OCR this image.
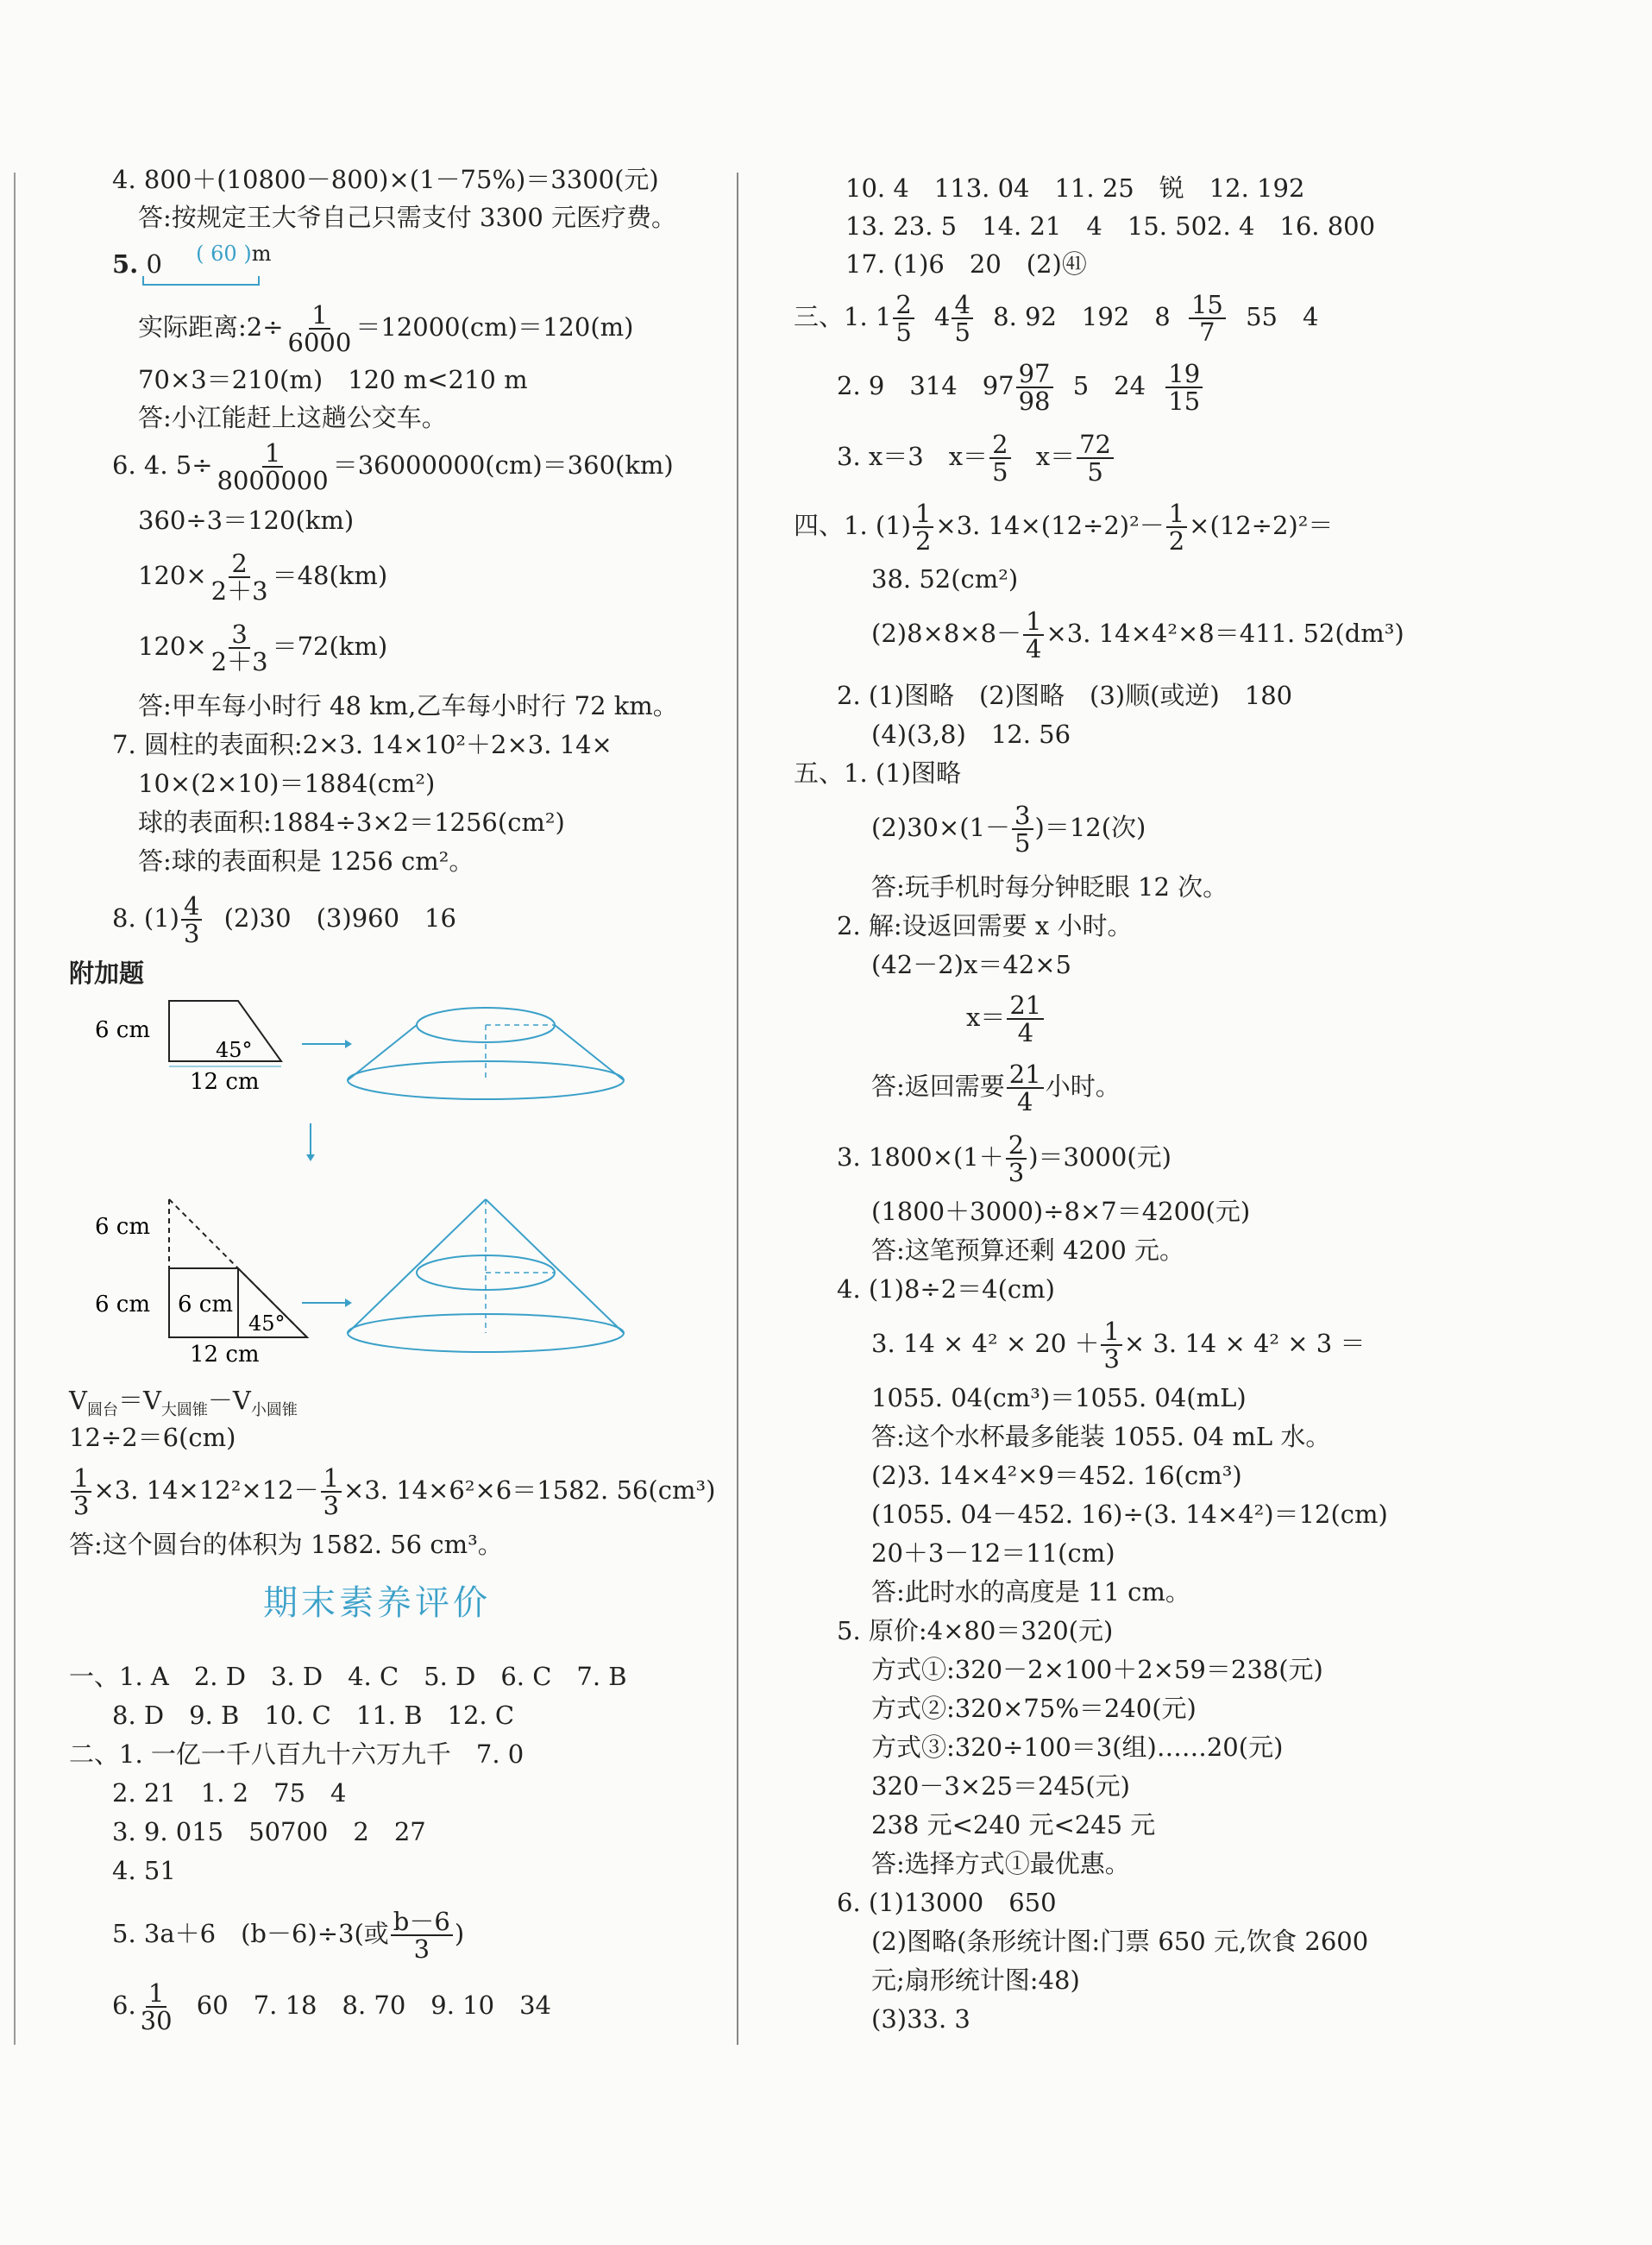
4. 800＋(10800－800)×(1－75%)＝3300(元)
答:按规定王大爷自己只需支付 3300 元医疗费。
5. 0 $^{( 60 )m}$
实际距离:2÷ $\frac{1}{6000} =12000(cm)=120(m)$
70×3＝210(m)　120 m<210 m
答:小江能赶上这趟公交车。
6. 4. $5\div \frac{1}{8000000} =36000000(cm)=360(km)$
360÷3＝120(km)
$120\times \frac{2}{2+3} =48(km)$
$120\times \frac{3}{2+3} =72(km)$
答:甲车每小时行 48 km,乙车每小时行 72 km。
7. 圆柱的表面积:2×3. 14×10²＋2×3. 14×
10×(2×10)＝1884(cm²)
球的表面积:1884÷3×2＝1256(cm²)
答:球的表面积是 1256 cm²。
8. $(1) \frac{4}{3} (2)30$　(3)960　16
附加题
6 cm
45°
12 cm
6 cm
6 cm 6 cm
45°
12 cm
$V_{圆台}=V_{大圆锥}-V_{小圆锥}$
12÷2＝6(cm)
$\frac{1}{3} \times 3$. $14\times 12^2\times 12- \frac{1}{3} \times 3$. 14×6²×6＝1582. 56(cm³)
答:这个圆台的体积为 1582. 56 cm³。
期末素养评价
一、1. A　2. D　3. D　4. C　5. D　6. C　7. B
8. D　9. B　10. C　11. B　12. C
二、1. 一亿一千八百九十六万九千　7. 0
2. 21　1. 2　75　4
3. 9. 015　50700　2　27
4. 51
5. 3a＋6　(b－6)÷3(或 $\frac{b-6}{3}$ )
6. $\frac{1}{30} 60$　7. 18　8. 70　9. 10　34
10. 4　113. 04　11. 25　锐　12. 192
13. 23. 5　14. 21　4　15. 502. 4　16. 800
17. (1)6　20　(2)㊶
三、1. $1 \frac{2}{5} 4 \frac{4}{5} 8$. 92　192　$8 \frac{15}{7} 55$　4
2. 9　314　$97 \frac{97}{98} 5$　$24 \frac{19}{15}$
3. x＝3　$x= \frac{2}{5} x= \frac{72}{5}$
四、1. $(1) \frac{1}{2} \times 3$. $14\times(12\div 2)^2- \frac{1}{2} \times(12\div 2)^2=$
38. 52(cm²)
$(2)8\times 8\times 8- \frac{1}{4} \times 3$. 14×4²×8＝411. 52(dm³)
2. (1)图略　(2)图略　(3)顺(或逆)　180
(4)(3,8)　12. 56
五、1. (1)图略
$(2)30\times(1- \frac{3}{5} )=12$(次)
答:玩手机时每分钟眨眼 12 次。
2. 解:设返回需要 x 小时。
(42－2)x＝42×5
$x= \frac{21}{4}$
答:返回需要 $\frac{21}{4}$ 小时。
3. $1800\times(1+ \frac{2}{3} )=3000$(元)
(1800＋3000)÷8×7＝4200(元)
答:这笔预算还剩 4200 元。
4. (1)8÷2＝4(cm)
3. $14 \times 4^2 \times 20 + \frac{1}{3} \times 3$. 14 × 4² × 3 ＝
1055. 04(cm³)＝1055. 04(mL)
答:这个水杯最多能装 1055. 04 mL 水。
(2)3. 14×4²×9＝452. 16(cm³)
(1055. 04－452. 16)÷(3. 14×4²)＝12(cm)
20＋3－12＝11(cm)
答:此时水的高度是 11 cm。
5. 原价:4×80＝320(元)
方式①:320－2×100＋2×59＝238(元)
方式②:320×75%＝240(元)
方式③:320÷100＝3(组)……20(元)
320－3×25＝245(元)
238 元<240 元<245 元
答:选择方式①最优惠。
6. (1)13000　650
(2)图略(条形统计图:门票 650 元,饮食 2600
元;扇形统计图:48)
(3)33. 3
